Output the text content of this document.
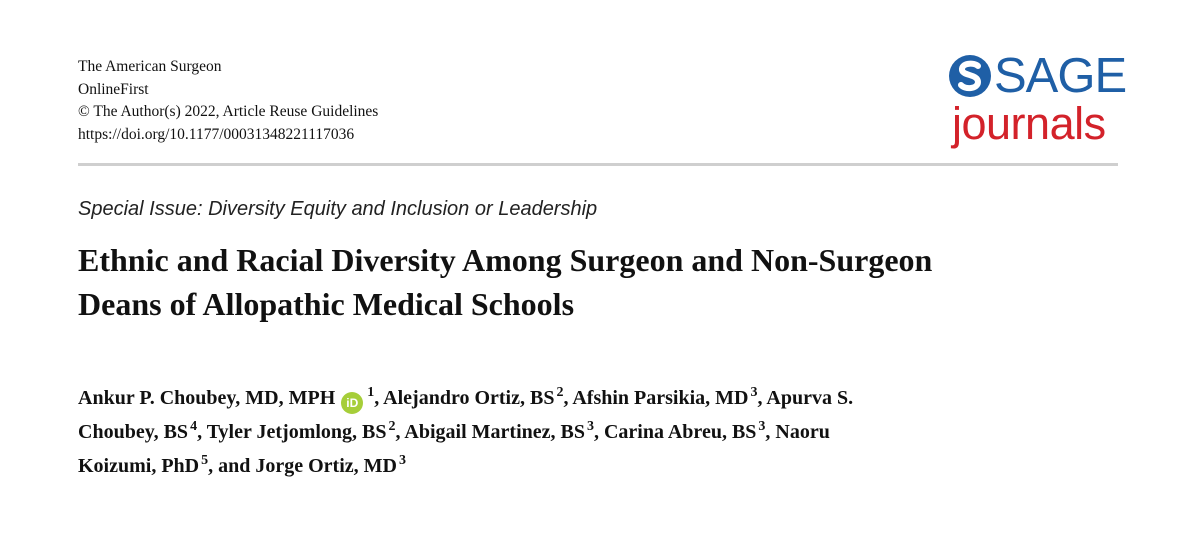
The American Surgeon
OnlineFirst
© The Author(s) 2022, Article Reuse Guidelines
https://doi.org/10.1177/00031348221117036
SAGE
journals
Special Issue: Diversity Equity and Inclusion or Leadership
Ethnic and Racial Diversity Among Surgeon and Non-Surgeon
Deans of Allopathic Medical Schools
Ankur P. Choubey, MD, MPH $iD^1$, Alejandro Ortiz, BS $^2$, Afshin Parsikia, MD $^3$, Apurva S.
Choubey, BS $^4$, Tyler Jetjomlong, BS $^2$, Abigail Martinez, BS $^3$, Carina Abreu, BS $^3$, Naoru
Koizumi, PhD $^5$, and Jorge Ortiz, MD $^3$
